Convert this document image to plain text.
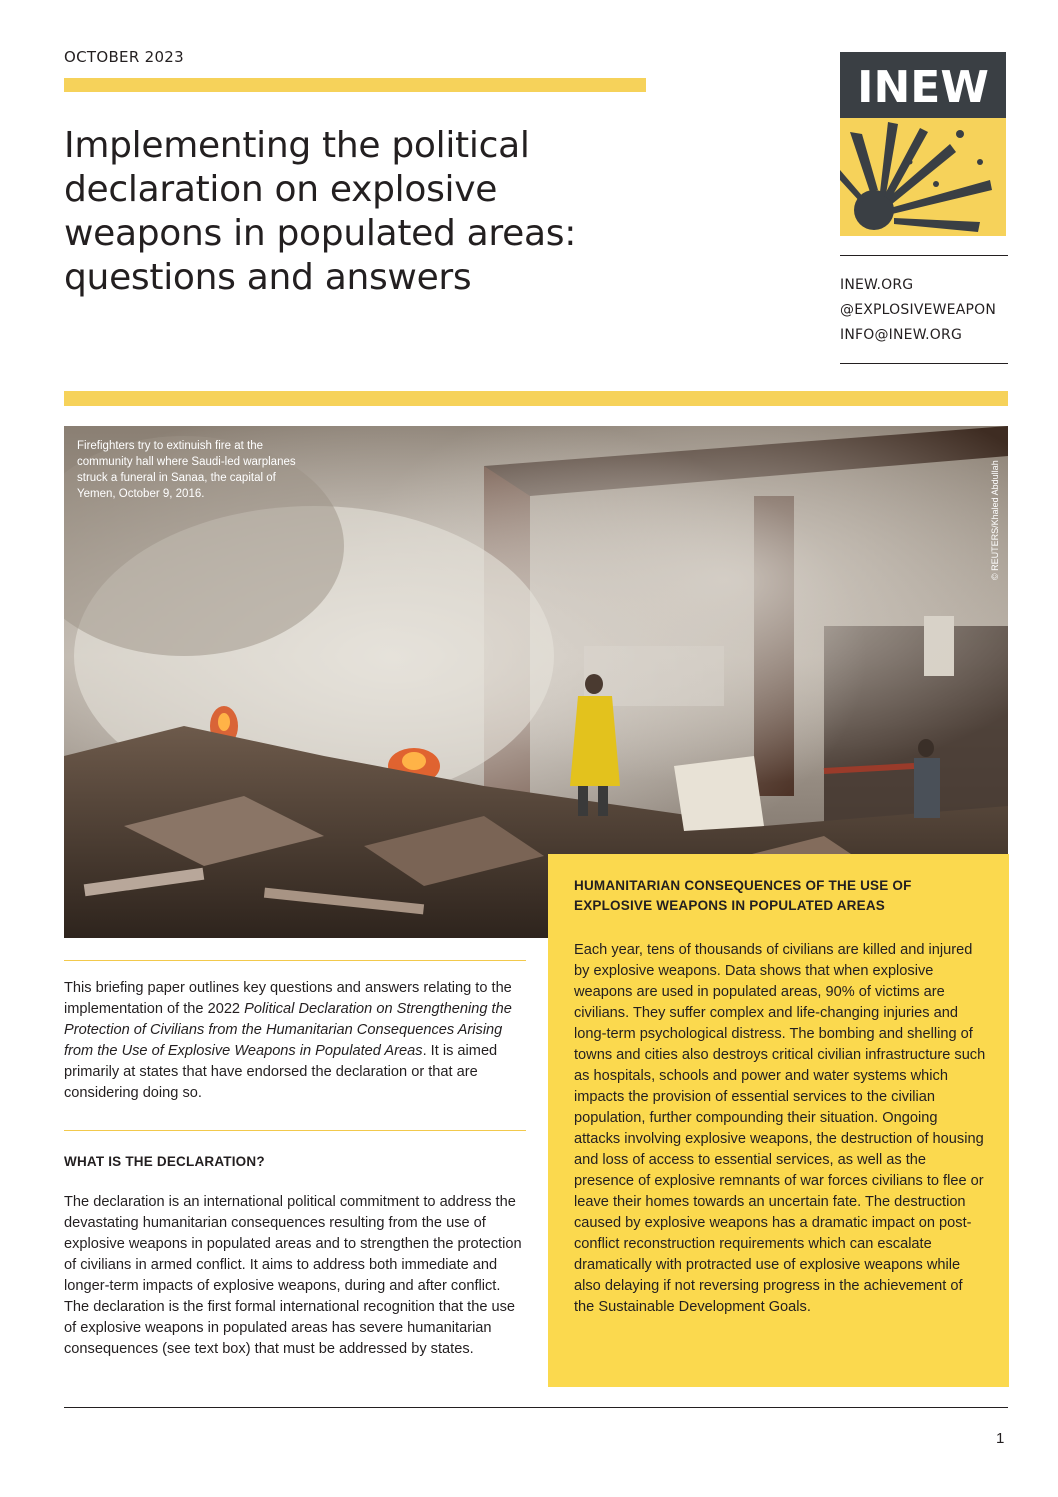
OCTOBER 2023
Implementing the political declaration on explosive weapons in populated areas: questions and answers
INEW
INEW.ORG
@EXPLOSIVEWEAPON
INFO@INEW.ORG
Firefighters try to extinuish fire at the community hall where Saudi-led warplanes struck a funeral in Sanaa, the capital of Yemen, October 9, 2016.	© REUTERS/Khaled Abdullah
HUMANITARIAN CONSEQUENCES OF THE USE OF EXPLOSIVE WEAPONS IN POPULATED AREAS

Each year, tens of thousands of civilians are killed and injured by explosive weapons. Data shows that when explosive weapons are used in populated areas, 90% of victims are civilians. They suffer complex and life-changing injuries and long-term psychological distress. The bombing and shelling of towns and cities also destroys critical civilian infrastructure such as hospitals, schools and power and water systems which impacts the provision of essential services to the civilian population, further compounding their situation. Ongoing attacks involving explosive weapons, the destruction of housing and loss of access to essential services, as well as the presence of explosive remnants of war forces civilians to flee or leave their homes towards an uncertain fate. The destruction caused by explosive weapons has a dramatic impact on post-conflict reconstruction requirements which can escalate dramatically with protracted use of explosive weapons while also delaying if not reversing progress in the achievement of the Sustainable Development Goals.

This briefing paper outlines key questions and answers relating to the implementation of the 2022 Political Declaration on Strengthening the Protection of Civilians from the Humanitarian Consequences Arising from the Use of Explosive Weapons in Populated Areas. It is aimed primarily at states that have endorsed the declaration or that are considering doing so.

WHAT IS THE DECLARATION?

The declaration is an international political commitment to address the devastating humanitarian consequences resulting from the use of explosive weapons in populated areas and to strengthen the protection of civilians in armed conflict. It aims to address both immediate and longer-term impacts of explosive weapons, during and after conflict. The declaration is the first formal international recognition that the use of explosive weapons in populated areas has severe humanitarian consequences (see text box) that must be addressed by states.

1
